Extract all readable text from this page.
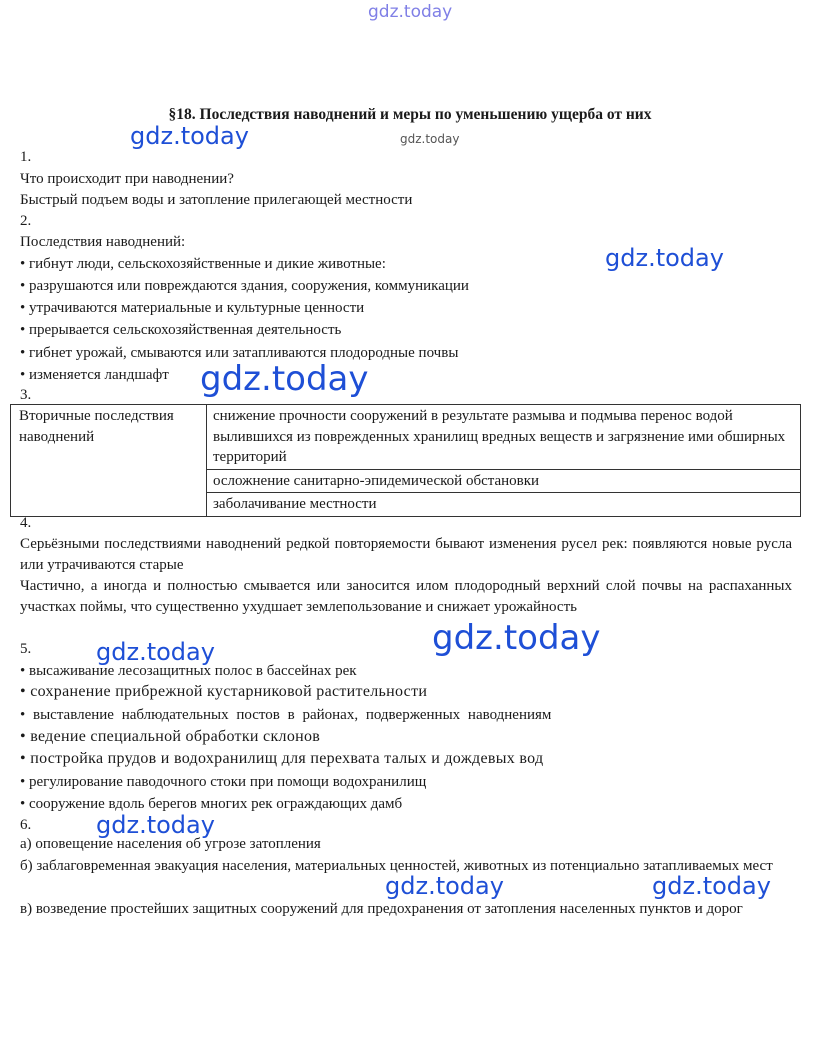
gdz.today
§18. Последствия наводнений и меры по уменьшению ущерба от них
gdz.today	gdz.today
1.
Что происходит при наводнении?
Быстрый подъем воды и затопление прилегающей местности
2.
Последствия наводнений:
• гибнут люди, сельскохозяйственные и дикие животные:
• разрушаются или повреждаются здания, сооружения, коммуникации
• утрачиваются материальные и культурные ценности
• прерывается сельскохозяйственная деятельность
• гибнет урожай, смываются или затапливаются плодородные почвы
• изменяется ландшафт
gdz.today
gdz.today
3.
Вторичные последствия наводнений	снижение прочности сооружений в результате размыва и подмыва перенос водой вылившихся из поврежденных хранилищ вредных веществ и загрязнение ими обширных территорий
осложнение санитарно-эпидемической обстановки
заболачивание местности
4.
Серьёзными последствиями наводнений редкой повторяемости бывают изменения русел рек: появляются новые русла или утрачиваются старые
Частично, а иногда и полностью смывается или заносится илом плодородный верхний слой почвы на распаханных участках поймы, что существенно ухудшает землепользование и снижает урожайность
gdz.today
gdz.today
5.
• высаживание лесозащитных полос в бассейнах рек
• сохранение прибрежной кустарниковой растительности
• выставление наблюдательных постов в районах, подверженных наводнениям
• ведение специальной обработки склонов
• постройка прудов и водохранилищ для перехвата талых и дождевых вод
• регулирование паводочного стоки при помощи водохранилищ
• сооружение вдоль берегов многих рек ограждающих дамб
6.	gdz.today
а) оповещение населения об угрозе затопления
б) заблаговременная эвакуация населения, материальных ценностей, животных из потенциально затапливаемых мест
в) возведение простейших защитных сооружений для предохранения от затопления населенных пунктов и дорог
gdz.today	gdz.today
